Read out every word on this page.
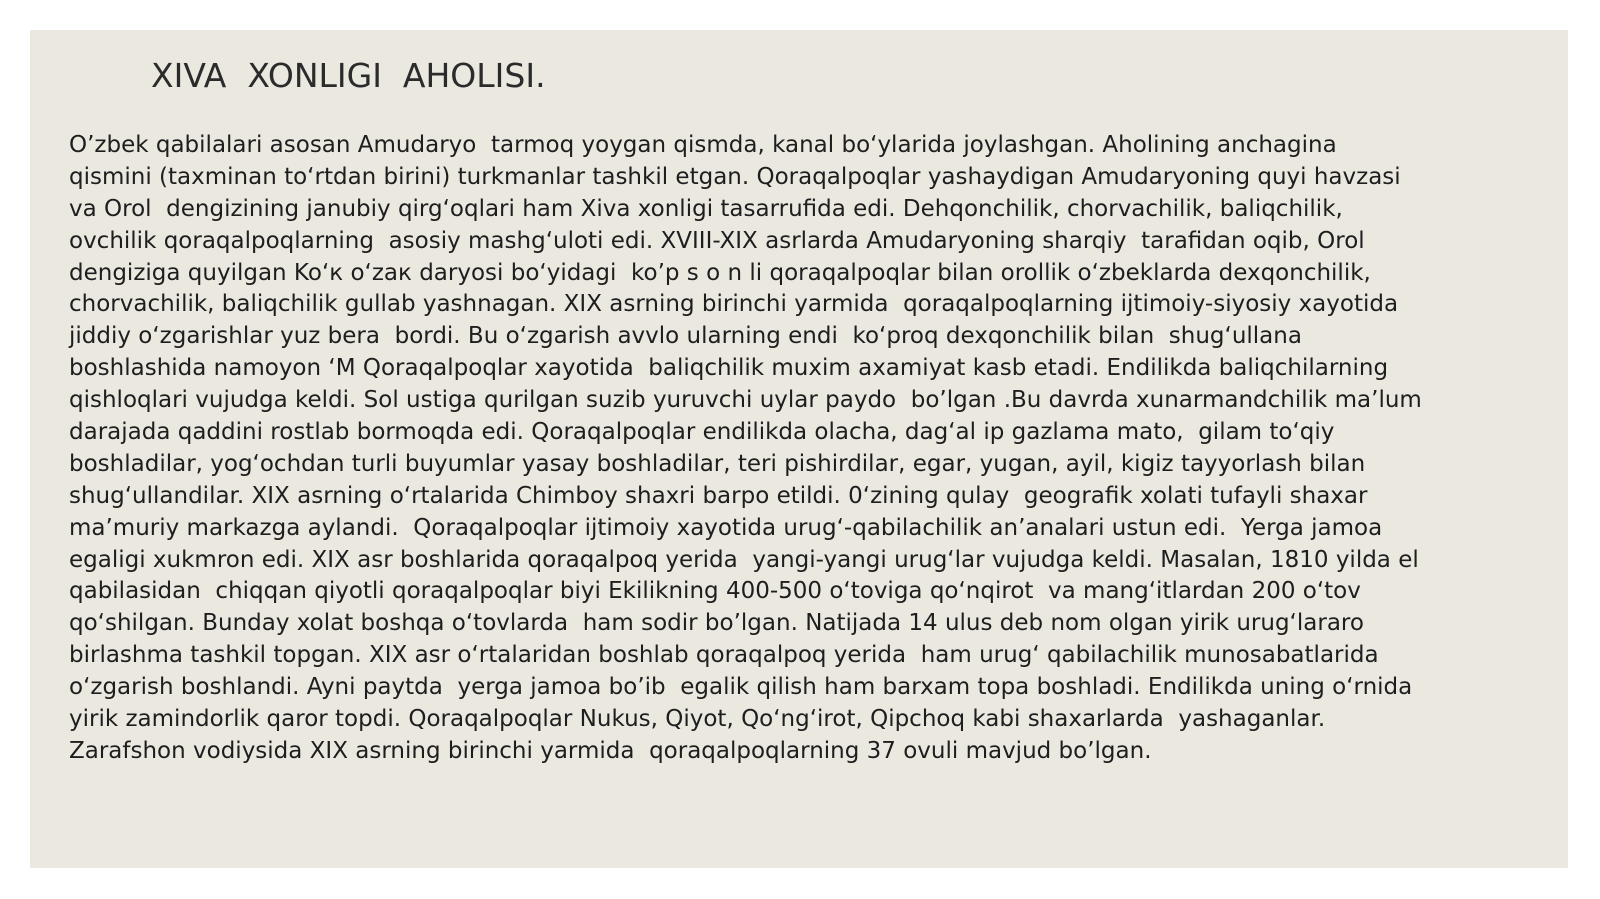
XIVA  XONLIGI  AHOLISI.
O’zbek qabilalari asosan Amudaryo  tarmoq yoygan qismda, kanal bo‘ylarida joylashgan. Aholining anchagina
qismini (taxminan to‘rtdan birini) turkmanlar tashkil etgan. Qoraqalpoqlar yashaydigan Amudaryoning quyi havzasi
va Orol  dengizining janubiy qirg‘oqlari ham Xiva xonligi tasarrufida edi. Dehqonchilik, chorvachilik, baliqchilik,
ovchilik qoraqalpoqlarning  asosiy mashg‘uloti edi. XVIII-XIX asrlarda Amudaryoning sharqiy  tarafidan oqib, Orol
dengiziga quyilgan Ko‘к o‘zaк daryosi bo‘yidagi  ko’p s o n li qoraqalpoqlar bilan orollik o‘zbeklarda dexqonchilik,
chorvachilik, baliqchilik gullab yashnagan. XIX asrning birinchi yarmida  qoraqalpoqlarning ijtimoiy-siyosiy xayotida
jiddiy o‘zgarishlar yuz bera  bordi. Bu o‘zgarish avvlo ularning endi  ko‘proq dexqonchilik bilan  shug‘ullana
boshlashida namoyon ‘M Qoraqalpoqlar xayotida  baliqchilik muxim axamiyat kasb etadi. Endilikda baliqchilarning
qishloqlari vujudga keldi. Sol ustiga qurilgan suzib yuruvchi uylar paydo  bo’lgan .Bu davrda xunarmandchilik ma’lum
darajada qaddini rostlab bormoqda edi. Qoraqalpoqlar endilikda olacha, dag‘al ip gazlama mato,  gilam to‘qiy
boshladilar, yog‘ochdan turli buyumlar yasay boshladilar, teri pishirdilar, egar, yugan, ayil, kigiz tayyorlash bilan
shug‘ullandilar. XIX asrning o‘rtalarida Chimboy shaxri barpo etildi. 0‘zining qulay  geografik xolati tufayli shaxar
ma’muriy markazga aylandi.  Qoraqalpoqlar ijtimoiy xayotida urug‘-qabilachilik an’analari ustun edi.  Yerga jamoa
egaligi xukmron edi. XIX asr boshlarida qoraqalpoq yerida  yangi-yangi urug‘lar vujudga keldi. Masalan, 1810 yilda el
qabilasidan  chiqqan qiyotli qoraqalpoqlar biyi Ekilikning 400-500 o‘toviga qo‘nqirot  va mang‘itlardan 200 o‘tov
qo‘shilgan. Bunday xolat boshqa o‘tovlarda  ham sodir bo’lgan. Natijada 14 ulus deb nom olgan yirik urug‘lararo
birlashma tashkil topgan. XIX asr o‘rtalaridan boshlab qoraqalpoq yerida  ham urug‘ qabilachilik munosabatlarida
o‘zgarish boshlandi. Ayni paytda  yerga jamoa bo’ib  egalik qilish ham barxam topa boshladi. Endilikda uning o‘rnida
yirik zamindorlik qaror topdi. Qoraqalpoqlar Nukus, Qiyot, Qo‘ng‘irot, Qipchoq kabi shaxarlarda  yashaganlar.
Zarafshon vodiysida XIX asrning birinchi yarmida  qoraqalpoqlarning 37 ovuli mavjud bo’lgan.
